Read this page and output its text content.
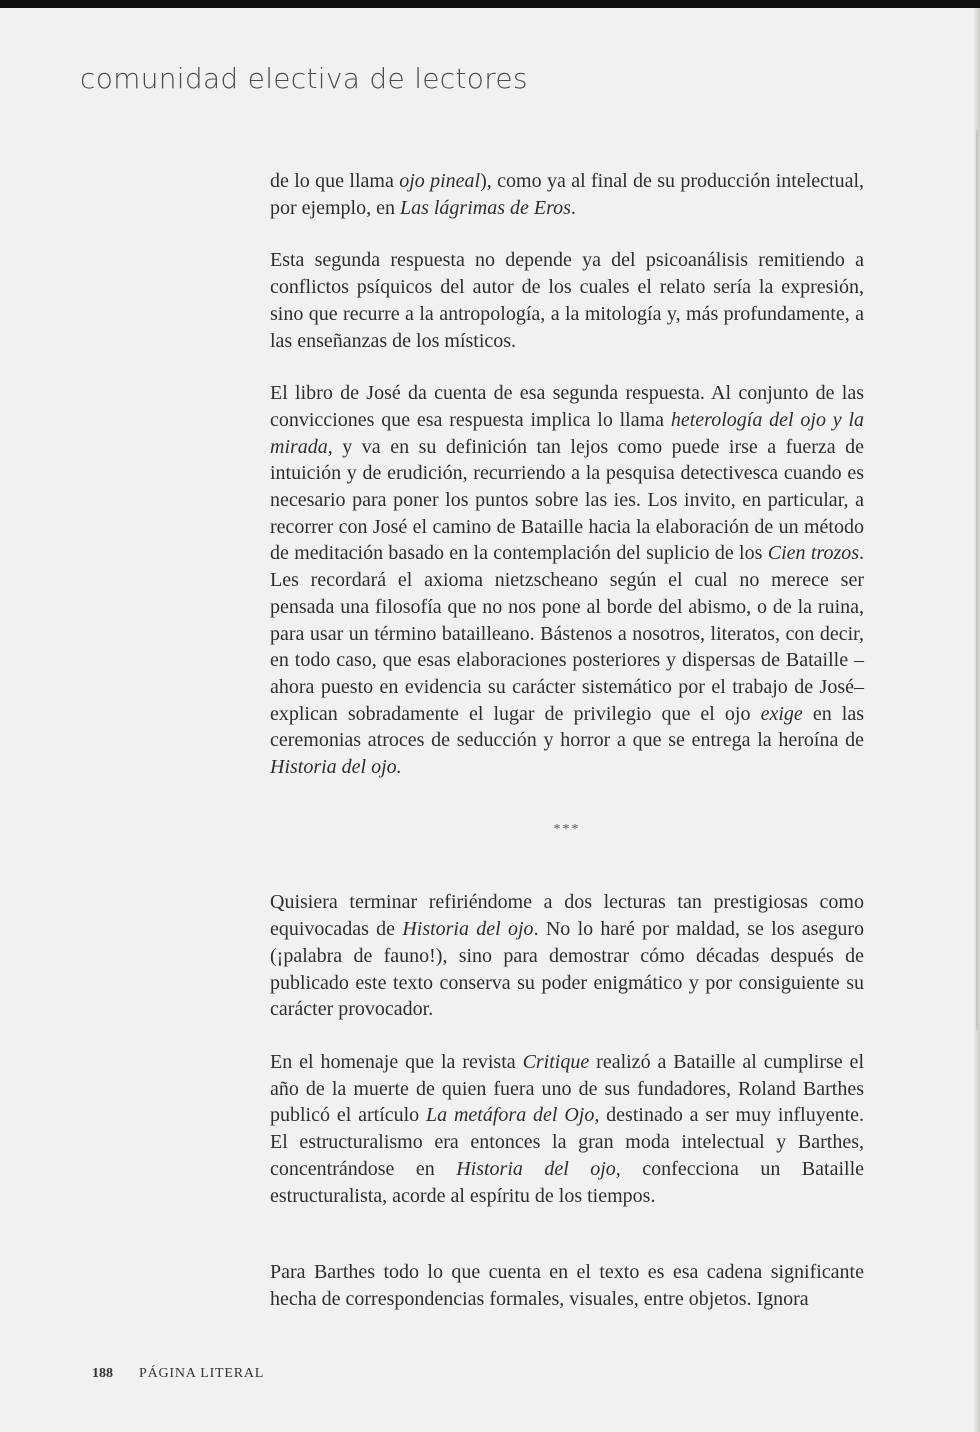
comunidad electiva de lectores

de lo que llama ojo pineal), como ya al final de su producción intelectual, por ejemplo, en Las lágrimas de Eros.

Esta segunda respuesta no depende ya del psicoanálisis remitiendo a conflictos psíquicos del autor de los cuales el relato sería la expresión, sino que recurre a la antropología, a la mitología y, más profundamente, a las enseñanzas de los místicos.

El libro de José da cuenta de esa segunda respuesta. Al conjunto de las convicciones que esa respuesta implica lo llama heterología del ojo y la mirada, y va en su definición tan lejos como puede irse a fuerza de intuición y de erudición, recurriendo a la pesquisa detectivesca cuando es necesario para poner los puntos sobre las ies. Los invito, en particular, a recorrer con José el camino de Bataille hacia la elaboración de un método de meditación basado en la contemplación del suplicio de los Cien trozos. Les recordará el axioma nietzscheano según el cual no merece ser pensada una filosofía que no nos pone al borde del abismo, o de la ruina, para usar un término batailleano. Bástenos a nosotros, literatos, con decir, en todo caso, que esas elaboraciones posteriores y dispersas de Bataille –ahora puesto en evidencia su carácter sistemático por el trabajo de José– explican sobradamente el lugar de privilegio que el ojo exige en las ceremonias atroces de seducción y horror a que se entrega la heroína de Historia del ojo.

***

Quisiera terminar refiriéndome a dos lecturas tan prestigiosas como equivocadas de Historia del ojo. No lo haré por maldad, se los aseguro (¡palabra de fauno!), sino para demostrar cómo décadas después de publicado este texto conserva su poder enigmático y por consiguiente su carácter provocador.

En el homenaje que la revista Critique realizó a Bataille al cumplirse el año de la muerte de quien fuera uno de sus fundadores, Roland Barthes publicó el artículo La metáfora del Ojo, destinado a ser muy influyente. El estructuralismo era entonces la gran moda intelectual y Barthes, concentrándose en Historia del ojo, confecciona un Bataille estructuralista, acorde al espíritu de los tiempos.

Para Barthes todo lo que cuenta en el texto es esa cadena significante hecha de correspondencias formales, visuales, entre objetos. Ignora

188 PÁGINA LITERAL
